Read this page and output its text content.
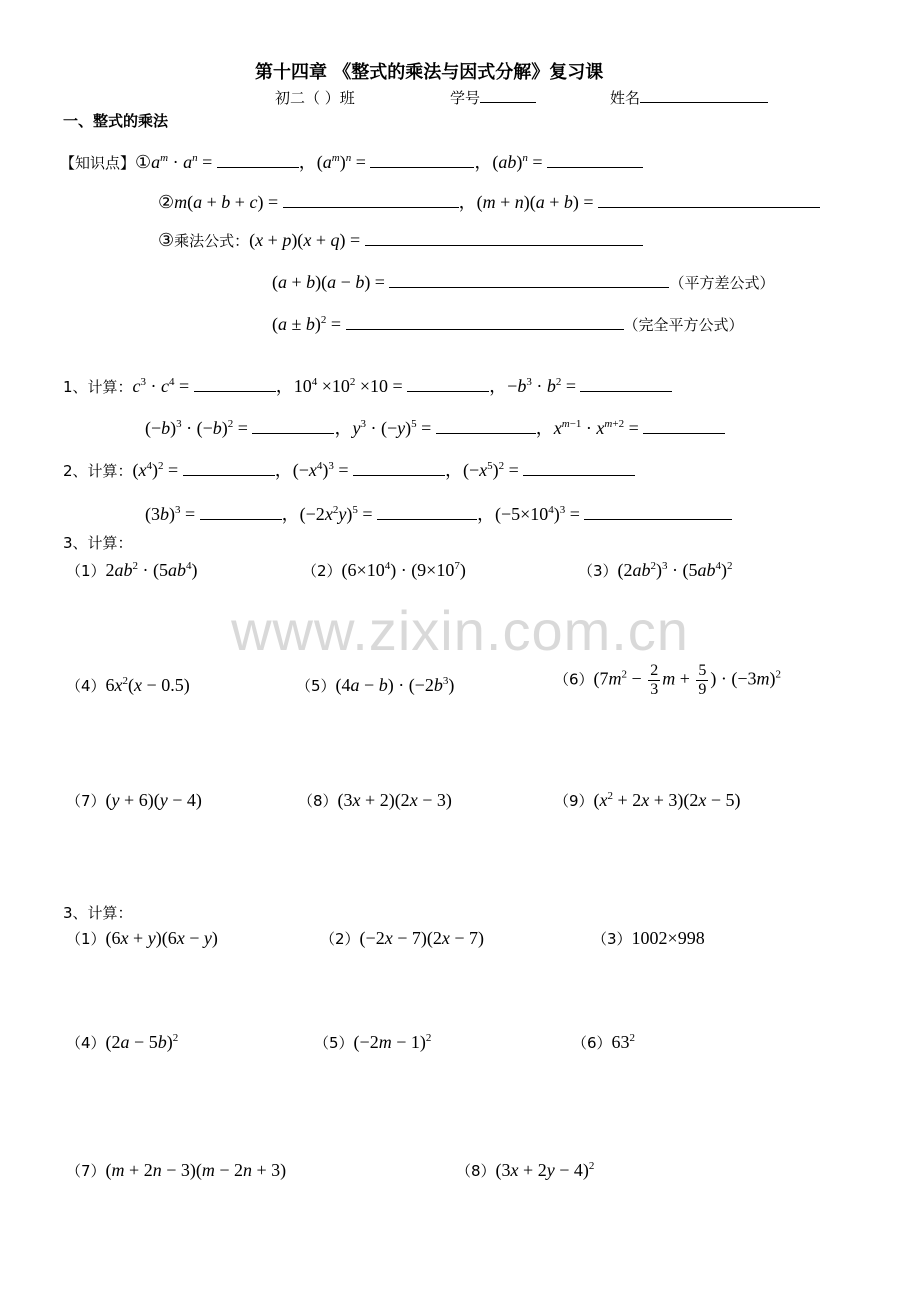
www.zixin.com.cn
第十四章 《整式的乘法与因式分解》复习课
初二（ ）班	学号	姓名
一、整式的乘法
【知识点】$①a^m \cdot a^n$ =	，$(a^m)^n$ =	，(ab)$^n$ =
②m(a + b + c) =	，(m + n)(a + b) =
③乘法公式：(x + p)(x + q) =
(a + b)(a − b) =	（平方差公式）
$(a \pm b)^2$ =	（完全平方公式）
1、计算：$c^3 \cdot c^4$ =	，$10^4 \times 10^2 \times 10$ =	，$-b^3 \cdot b^2$ =
$(-b)^3 \cdot (-b)^2$ =	，$y^3 \cdot (-y)^5$ =	，$x^{m-1} \cdot x^{m+2}$ =
2、计算：$(x^4)^2$ =	，$(-x^4)^3$ =	，$(-x^5)^2$ =
$(3b)^3$ =	，$(-2x^2y)^5$ =	，$(-5\times 10^4)^3$ =
3、计算：
$(1)2ab^2 \cdot (5ab^4)$	$(2)(6\times 10^4) \cdot (9\times 10^7)$	$(3)(2ab^2)^3 \cdot (5ab^4)^2$
$(4)6x^2(x - 0.5)$	$(5)(4a - b) \cdot (-2b^3)$	$(6)(7m^2 - \frac{2}{3}$ $m + \frac{5}{9}$ ) · $(-3m)^2$
（7）(y + 6)(y − 4)	（8）(3x + 2)(2x − 3)	$(9)(x^2 + 2x + 3)(2x - 5)$
3、计算：
（1）(6x + y)(6x − y)	（2）(−2x − 7)(2x − 7)	（3）1002×998
$(4)(2a - 5b)^2$	$(5)(-2m - 1)^2$	$(6)63^2$
（7）(m + 2n − 3)(m − 2n + 3)	$(8)(3x + 2y - 4)^2$
